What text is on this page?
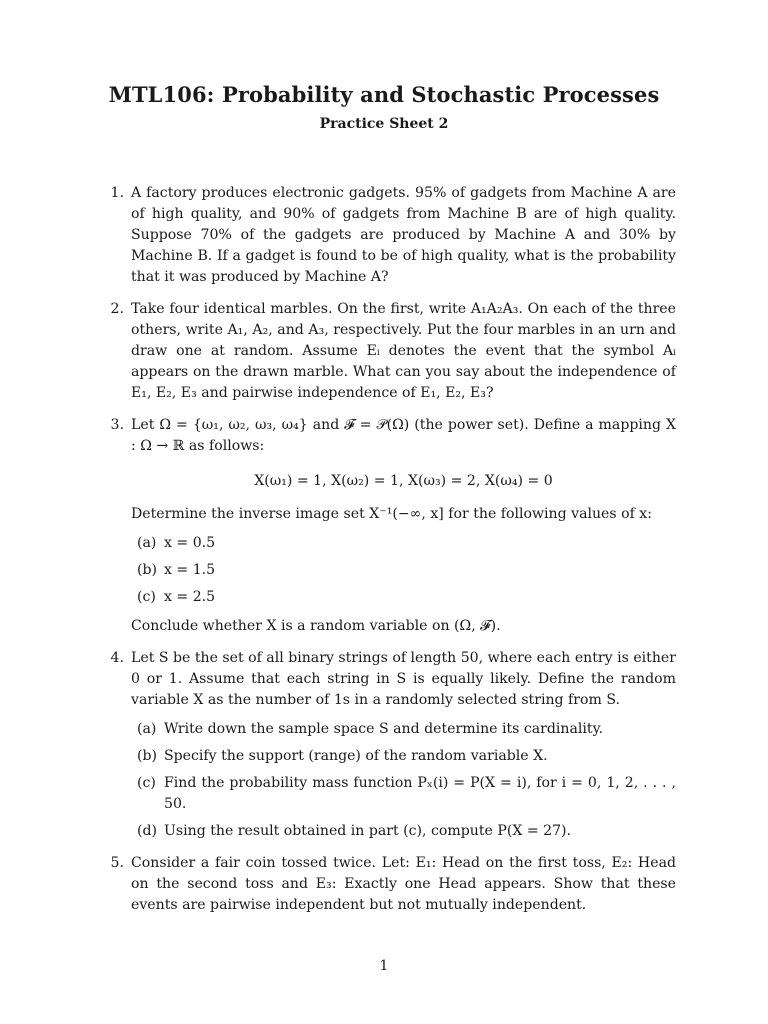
MTL106: Probability and Stochastic Processes
Practice Sheet 2
1. A factory produces electronic gadgets. 95% of gadgets from Machine A are of high quality, and 90% of gadgets from Machine B are of high quality. Suppose 70% of the gadgets are produced by Machine A and 30% by Machine B. If a gadget is found to be of high quality, what is the probability that it was produced by Machine A?
2. Take four identical marbles. On the first, write A₁A₂A₃. On each of the three others, write A₁, A₂, and A₃, respectively. Put the four marbles in an urn and draw one at random. Assume Eᵢ denotes the event that the symbol Aᵢ appears on the drawn marble. What can you say about the independence of E₁, E₂, E₃ and pairwise independence of E₁, E₂, E₃?
3. Let Ω = {ω₁, ω₂, ω₃, ω₄} and 𝓕 = 𝒫(Ω) (the power set). Define a mapping X : Ω → ℝ as follows:
X(ω₁) = 1, X(ω₂) = 1, X(ω₃) = 2, X(ω₄) = 0
Determine the inverse image set X⁻¹(−∞, x] for the following values of x:
(a) x = 0.5
(b) x = 1.5
(c) x = 2.5
Conclude whether X is a random variable on (Ω, 𝓕).
4. Let S be the set of all binary strings of length 50, where each entry is either 0 or 1. Assume that each string in S is equally likely. Define the random variable X as the number of 1s in a randomly selected string from S.
(a) Write down the sample space S and determine its cardinality.
(b) Specify the support (range) of the random variable X.
(c) Find the probability mass function Pₓ(i) = P(X = i), for i = 0, 1, 2, . . . , 50.
(d) Using the result obtained in part (c), compute P(X = 27).
5. Consider a fair coin tossed twice. Let: E₁: Head on the first toss, E₂: Head on the second toss and E₃: Exactly one Head appears. Show that these events are pairwise independent but not mutually independent.
1
